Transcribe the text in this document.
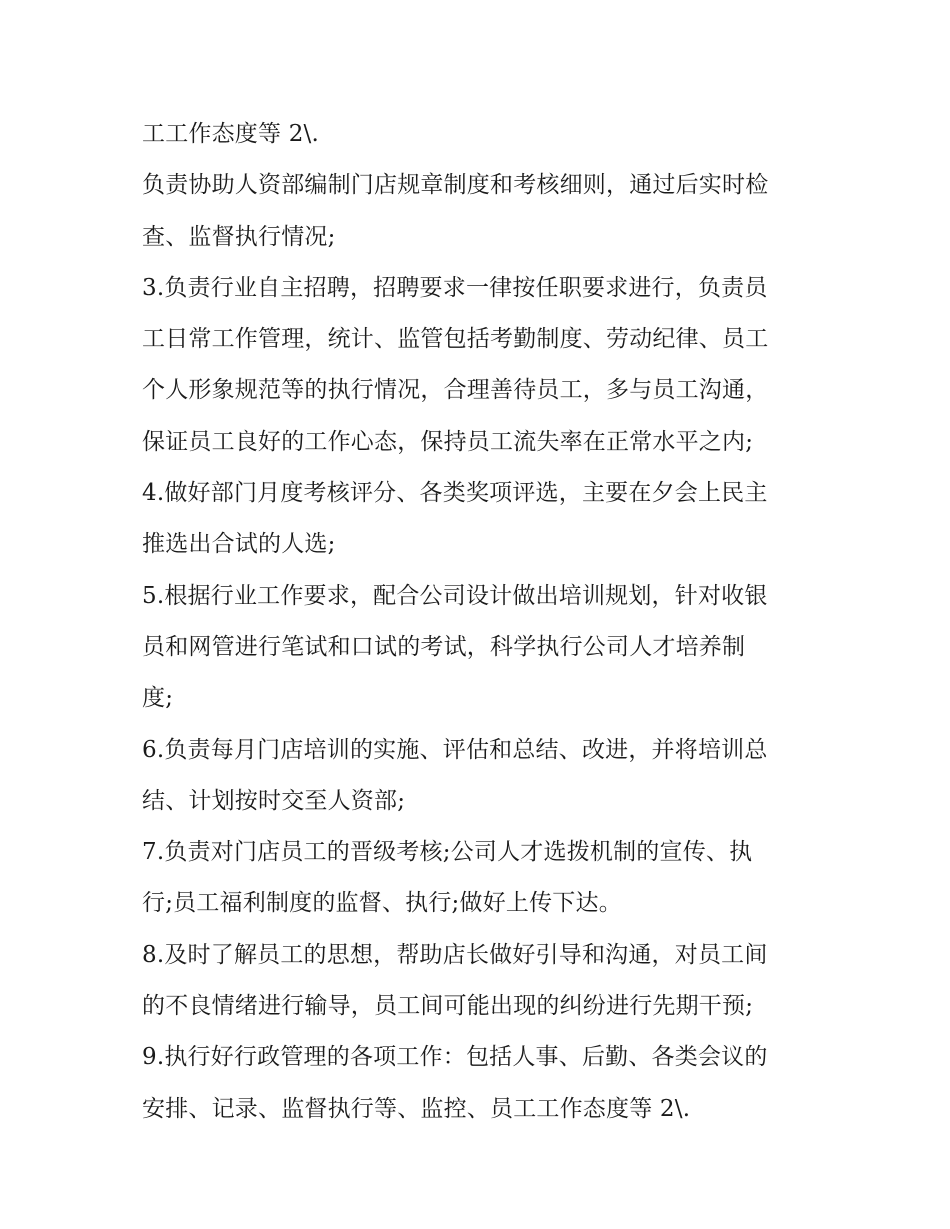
工工作态度等 2\.
负责协助人资部编制门店规章制度和考核细则，通过后实时检
查、监督执行情况;
3.负责行业自主招聘，招聘要求一律按任职要求进行，负责员
工日常工作管理，统计、监管包括考勤制度、劳动纪律、员工
个人形象规范等的执行情况，合理善待员工，多与员工沟通，
保证员工良好的工作心态，保持员工流失率在正常水平之内;
4.做好部门月度考核评分、各类奖项评选，主要在夕会上民主
推选出合试的人选;
5.根据行业工作要求，配合公司设计做出培训规划，针对收银
员和网管进行笔试和口试的考试，科学执行公司人才培养制
度;
6.负责每月门店培训的实施、评估和总结、改进，并将培训总
结、计划按时交至人资部;
7.负责对门店员工的晋级考核;公司人才选拨机制的宣传、执
行;员工福利制度的监督、执行;做好上传下达。
8.及时了解员工的思想，帮助店长做好引导和沟通，对员工间
的不良情绪进行输导，员工间可能出现的纠纷进行先期干预;
9.执行好行政管理的各项工作：包括人事、后勤、各类会议的
安排、记录、监督执行等、监控、员工工作态度等 2\.
